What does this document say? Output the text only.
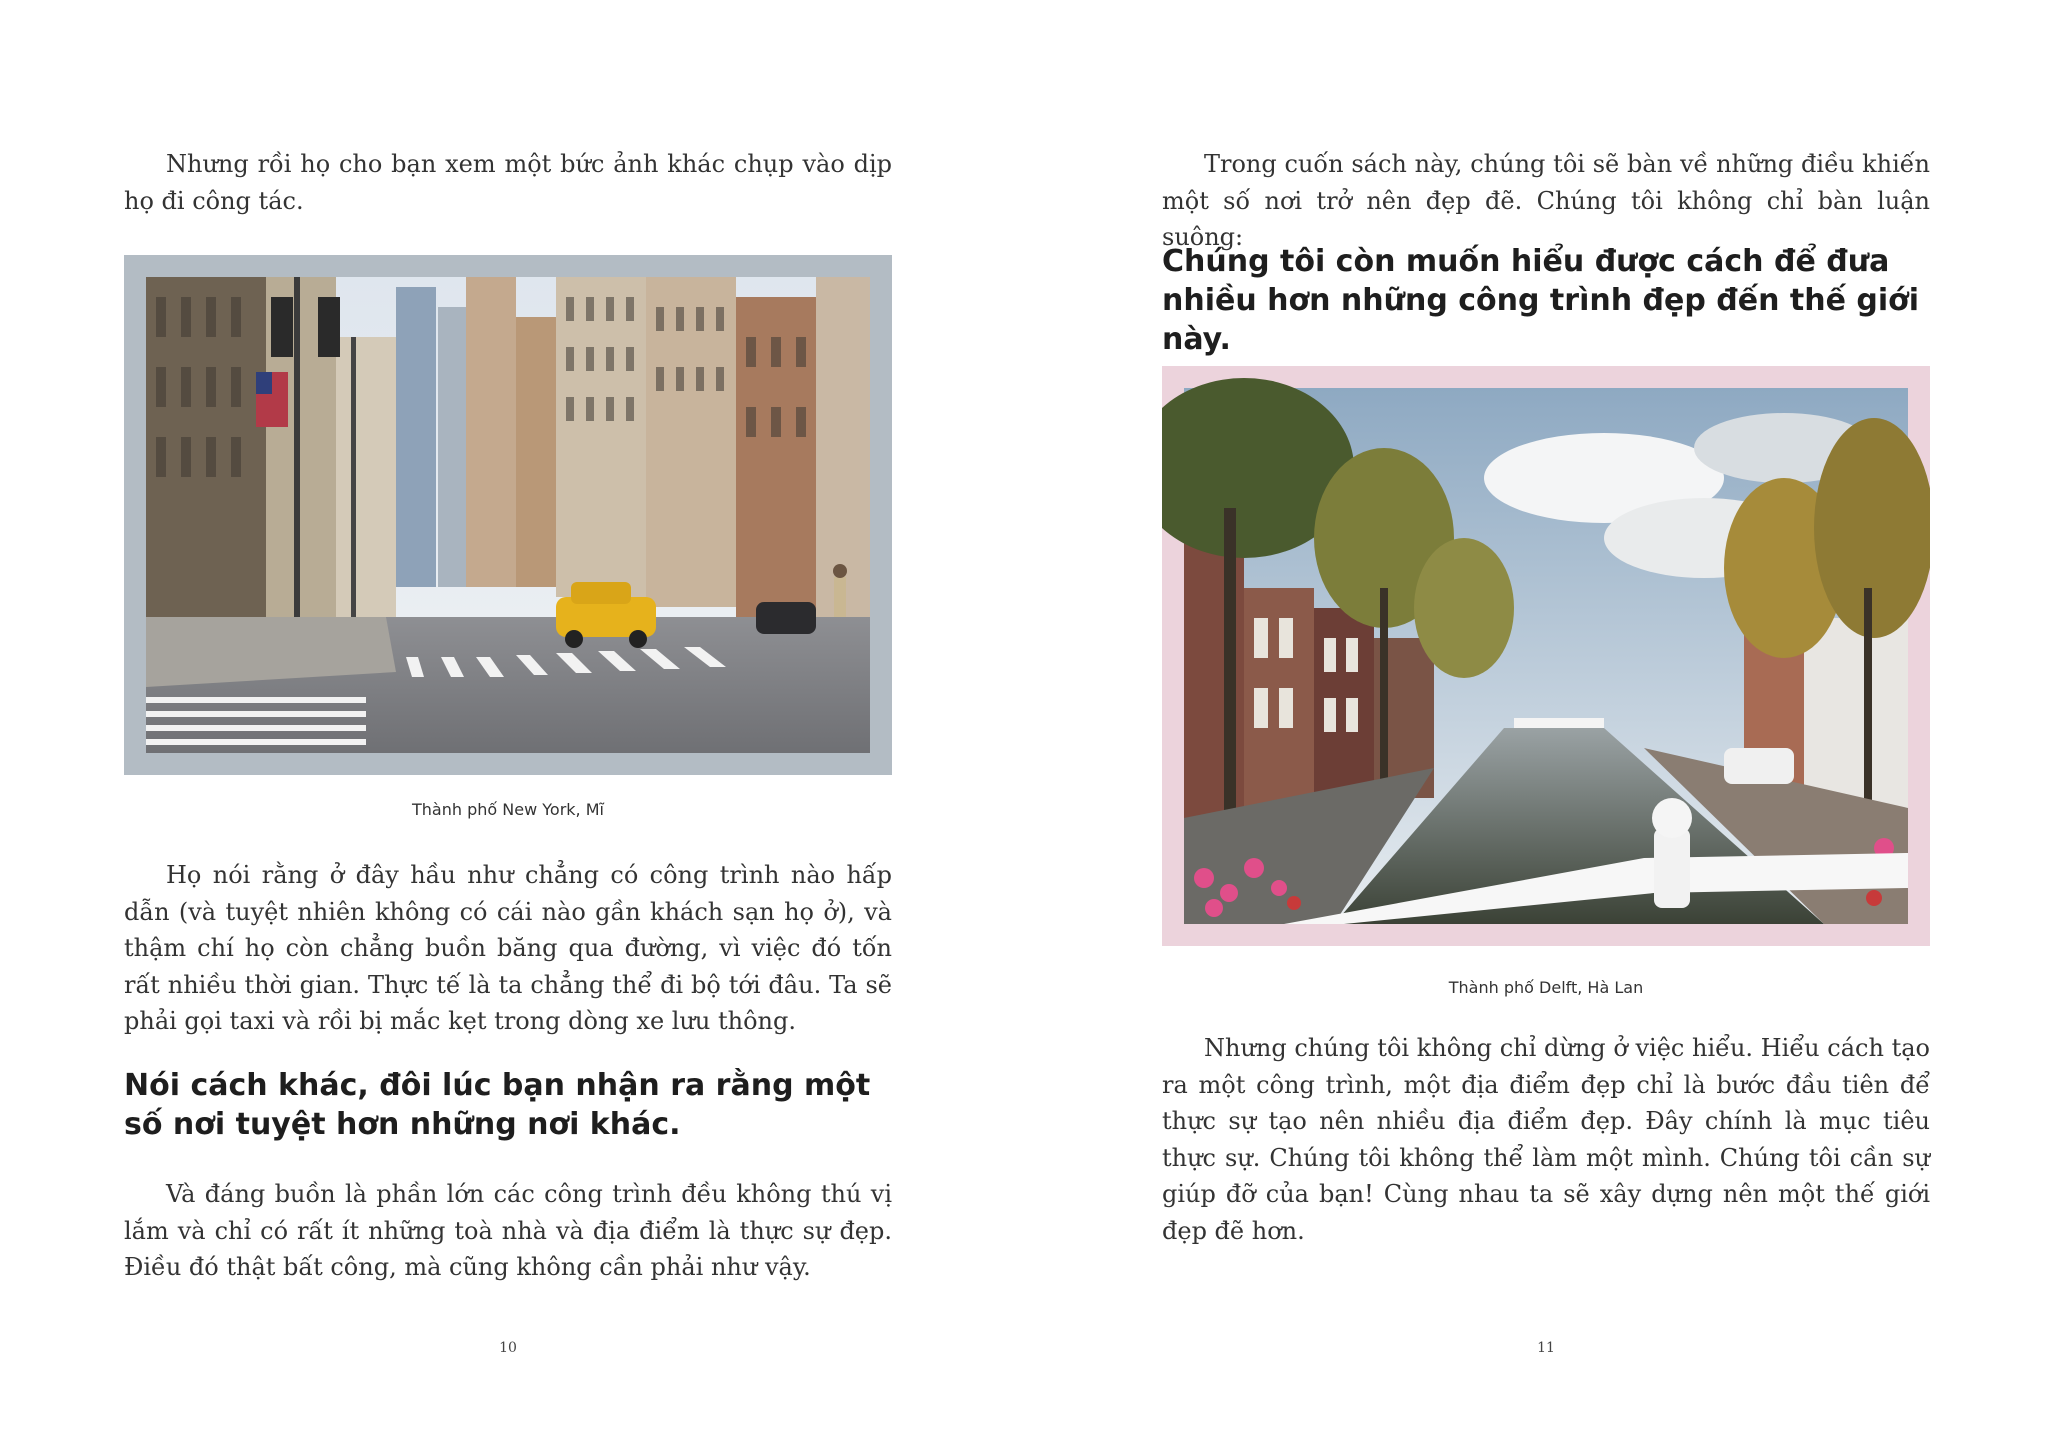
Nhưng rồi họ cho bạn xem một bức ảnh khác chụp vào dịp họ đi công tác.

Thành phố New York, Mĩ

Họ nói rằng ở đây hầu như chẳng có công trình nào hấp dẫn (và tuyệt nhiên không có cái nào gần khách sạn họ ở), và thậm chí họ còn chẳng buồn băng qua đường, vì việc đó tốn rất nhiều thời gian. Thực tế là ta chẳng thể đi bộ tới đâu. Ta sẽ phải gọi taxi và rồi bị mắc kẹt trong dòng xe lưu thông.

Nói cách khác, đôi lúc bạn nhận ra rằng một số nơi tuyệt hơn những nơi khác.

Và đáng buồn là phần lớn các công trình đều không thú vị lắm và chỉ có rất ít những toà nhà và địa điểm là thực sự đẹp. Điều đó thật bất công, mà cũng không cần phải như vậy.

10

Trong cuốn sách này, chúng tôi sẽ bàn về những điều khiến một số nơi trở nên đẹp đẽ. Chúng tôi không chỉ bàn luận suông:

Chúng tôi còn muốn hiểu được cách để đưa nhiều hơn những công trình đẹp đến thế giới này.
Thành phố Delft, Hà Lan

Nhưng chúng tôi không chỉ dừng ở việc hiểu. Hiểu cách tạo ra một công trình, một địa điểm đẹp chỉ là bước đầu tiên để thực sự tạo nên nhiều địa điểm đẹp. Đây chính là mục tiêu thực sự. Chúng tôi không thể làm một mình. Chúng tôi cần sự giúp đỡ của bạn! Cùng nhau ta sẽ xây dựng nên một thế giới đẹp đẽ hơn.

11
